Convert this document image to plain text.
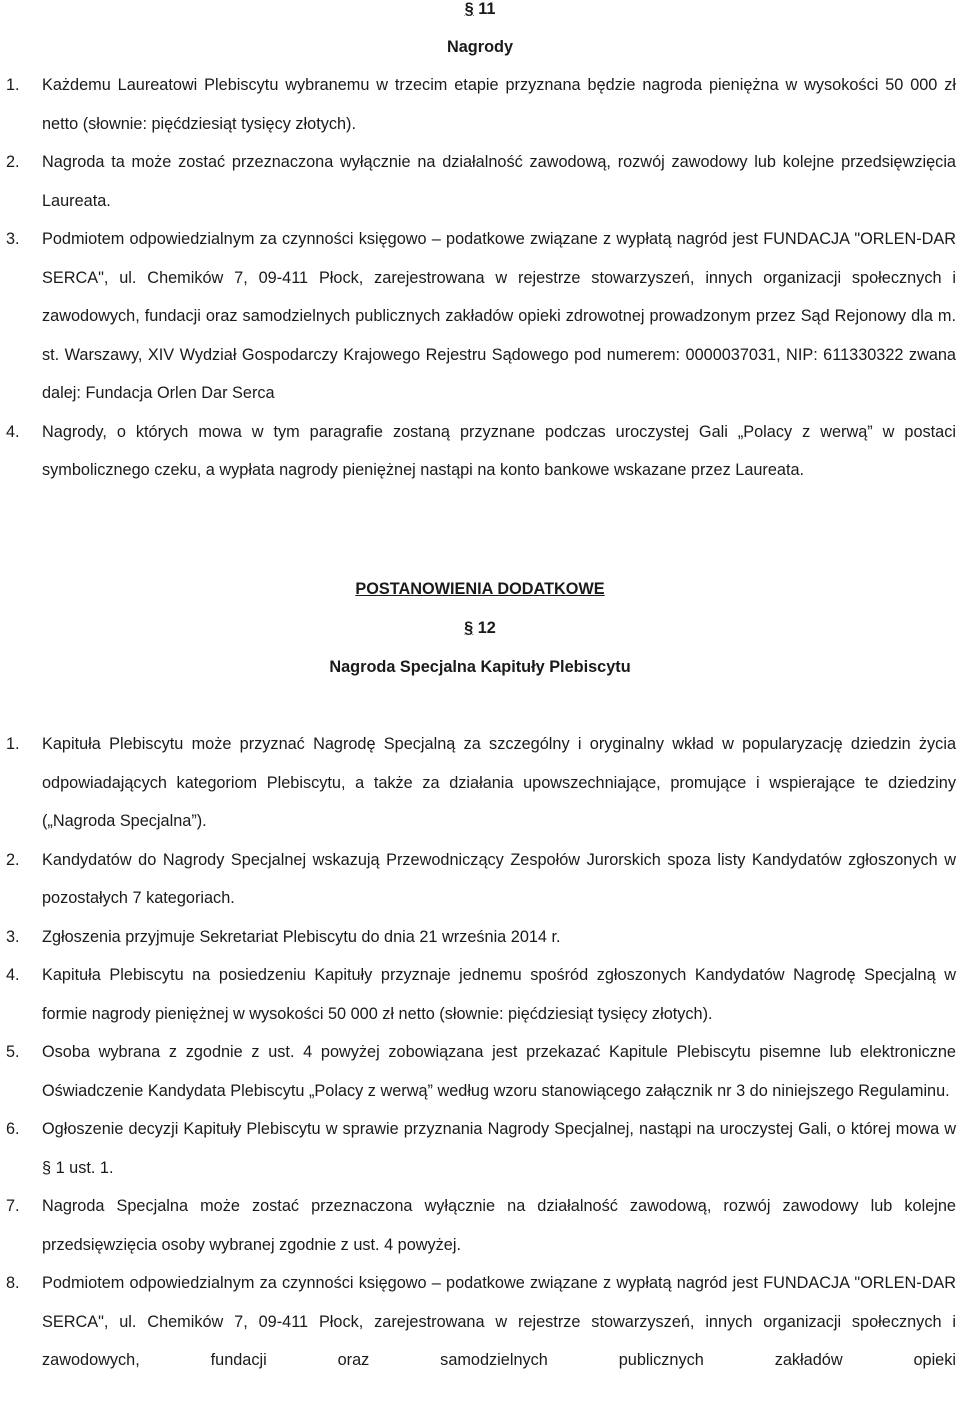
§ 11
Nagrody
1. Każdemu Laureatowi Plebiscytu wybranemu w trzecim etapie przyznana będzie nagroda pieniężna w wysokości 50 000 zł netto (słownie: pięćdziesiąt tysięcy złotych).
2. Nagroda ta może zostać przeznaczona wyłącznie na działalność zawodową, rozwój zawodowy lub kolejne przedsięwzięcia Laureata.
3. Podmiotem odpowiedzialnym za czynności księgowo – podatkowe związane z wypłatą nagród jest FUNDACJA "ORLEN-DAR SERCA", ul. Chemików 7, 09-411 Płock, zarejestrowana w rejestrze stowarzyszeń, innych organizacji społecznych i zawodowych, fundacji oraz samodzielnych publicznych zakładów opieki zdrowotnej prowadzonym przez Sąd Rejonowy dla m. st. Warszawy, XIV Wydział Gospodarczy Krajowego Rejestru Sądowego pod numerem: 0000037031, NIP: 611330322 zwana dalej: Fundacja Orlen Dar Serca
4. Nagrody, o których mowa w tym paragrafie zostaną przyznane podczas uroczystej Gali „Polacy z werwą” w postaci symbolicznego czeku, a wypłata nagrody pieniężnej nastąpi na konto bankowe wskazane przez Laureata.
POSTANOWIENIA DODATKOWE
§ 12
Nagroda Specjalna Kapituły Plebiscytu
1. Kapituła Plebiscytu może przyznać Nagrodę Specjalną za szczególny i oryginalny wkład w popularyzację dziedzin życia odpowiadających kategoriom Plebiscytu, a także za działania upowszechniające, promujące i wspierające te dziedziny („Nagroda Specjalna”).
2. Kandydatów do Nagrody Specjalnej wskazują Przewodniczący Zespołów Jurorskich spoza listy Kandydatów zgłoszonych w pozostałych 7 kategoriach.
3. Zgłoszenia przyjmuje Sekretariat Plebiscytu do dnia 21 września 2014 r.
4. Kapituła Plebiscytu na posiedzeniu Kapituły przyznaje jednemu spośród zgłoszonych Kandydatów Nagrodę Specjalną w formie nagrody pieniężnej w wysokości 50 000 zł netto (słownie: pięćdziesiąt tysięcy złotych).
5. Osoba wybrana z zgodnie z ust. 4 powyżej zobowiązana jest przekazać Kapitule Plebiscytu pisemne lub elektroniczne Oświadczenie Kandydata Plebiscytu „Polacy z werwą” według wzoru stanowiącego załącznik nr 3 do niniejszego Regulaminu.
6. Ogłoszenie decyzji Kapituły Plebiscytu w sprawie przyznania Nagrody Specjalnej, nastąpi na uroczystej Gali, o której mowa w § 1 ust. 1.
7. Nagroda Specjalna może zostać przeznaczona wyłącznie na działalność zawodową, rozwój zawodowy lub kolejne przedsięwzięcia osoby wybranej zgodnie z ust. 4 powyżej.
8. Podmiotem odpowiedzialnym za czynności księgowo – podatkowe związane z wypłatą nagród jest FUNDACJA "ORLEN-DAR SERCA", ul. Chemików 7, 09-411 Płock, zarejestrowana w rejestrze stowarzyszeń, innych organizacji społecznych i zawodowych, fundacji oraz samodzielnych publicznych zakładów opieki
